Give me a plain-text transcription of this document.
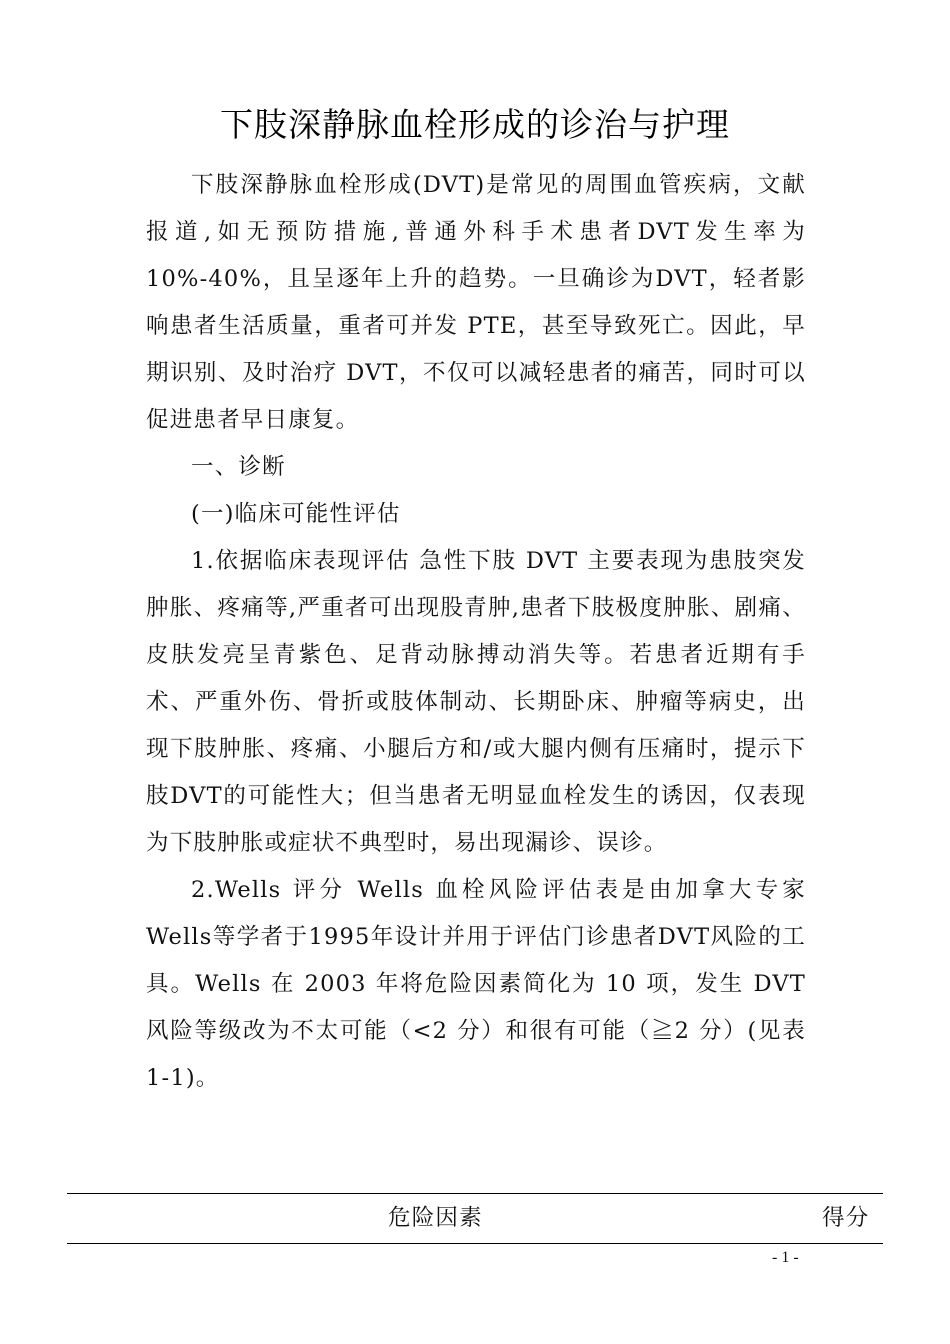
下肢深静脉血栓形成的诊治与护理

下肢深静脉血栓形成(DVT)是常见的周围血管疾病，文献报道,如无预防措施,普通外科手术患者DVT发生率为10%-40%，且呈逐年上升的趋势。一旦确诊为DVT，轻者影响患者生活质量，重者可并发 PTE，甚至导致死亡。因此，早期识别、及时治疗 DVT，不仅可以减轻患者的痛苦，同时可以促进患者早日康复。

一、诊断

(一)临床可能性评估

1.依据临床表现评估 急性下肢 DVT 主要表现为患肢突发肿胀、疼痛等,严重者可出现股青肿,患者下肢极度肿胀、剧痛、皮肤发亮呈青紫色、足背动脉搏动消失等。若患者近期有手术、严重外伤、骨折或肢体制动、长期卧床、肿瘤等病史，出现下肢肿胀、疼痛、小腿后方和/或大腿内侧有压痛时，提示下肢DVT的可能性大；但当患者无明显血栓发生的诱因，仅表现为下肢肿胀或症状不典型时，易出现漏诊、误诊。

2.Wells 评分 Wells 血栓风险评估表是由加拿大专家Wells等学者于1995年设计并用于评估门诊患者DVT风险的工具。Wells 在 2003 年将危险因素简化为 10 项，发生 DVT风险等级改为不太可能（<2 分）和很有可能（≧2 分）(见表 1-1)。

危险因素	得分
- 1 -
